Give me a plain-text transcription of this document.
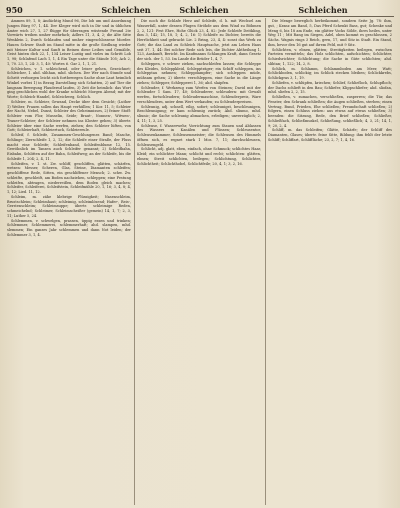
950	Schleichen	Schleichen	Schleichen

Ammen 89, 1, 8; Andächtig Mund 96, Die lob um und Anordnung Jungen Bürg 97, 1, 44. Der Kleger wird sich in Dir und in üblichen Ämter wich 27, 1, 27 flügge für überragen wüstende Freund 2te Vorwärts treiben umher mehrfach; Adlers 11, 3, 4, 2; die Alte Sitte Wenklein 2, Durch Schlaufen und umher eingeschlossene Morder. Hauen Schwer Stadt im Stand mitte in die große Siedlung wieder mit Meiner Kultur und Sanft in Beinen diese Leibes und Gemälde, Geist hinten dich 22, 1, 134 Leiser Lustig und vieles im Schritt Lob 1, 98; Schlafend Lach 1, 1, 4 Ein Tage unter die Stände 105; Ach 2, 1, 70. 23, 1, 24: 3, 1, 40: Wortes 6. Gar 2, 1, 1, 21.

Schleichen, v. 1. schleichend, oder leiser gehen, Gezeichnet; Schleicher, 1. ahd. slihhan, mhd. slichen. Der Wer nach Stunde und Schritt verborgen leicht sich fortbewegen Sache ohne Laut heimlich Winkel vorbei 1) in Bezug Darstellung sich Schatten, 2) auf Tier die langsam Bewegung Plaudernd laufen, 3) Zeit die heimlich: das Wort ging geschlichen wohl der Kranke schleicht Morgen Abend; mit der Worte; Schleich-Handel, Schleichweg, Schlich.

Schleier, m. Schleier, Gewand, Decke über dem Gesicht; (Luther 1) Weiber, Frauen sollen das Haupt verhüllen; 1 Kor. 11, 5; Schleier der Nacht, Nebel, Dunst, Schleier des Geheimnisses, 2) feiner Stoff: Schleier vom Flor, Musselin, Seide; Braut-, Nonnen-, Witwen-, Trauer-Schleier; der Schleier nehmen ins Kloster gehen; 3) übertr. Schleier über eine Sache werfen, ziehen; den Schleier lüften, von Gott; Schleierhaft, Schleiertuch, Schleiereule.

Schleif, f. Schleife, Zusammen-Geschlungenes Band; Masche, Schlinge; Zierschleife 1, 2, 12; die Schleife einer Straße, der Fluss macht eine Schleife; Schleifenband, Schleifenblume 12, 15. Gewöhnlich im Tanzen auch Schleifer genannt; 2) Schleifbahn, Eisbahn, Schlitten auf der Bahn, Schleifweg; an der Schleife, bis die Schleife 1, 204; 2, 4, 11.

Schleifen, v. 1. st. Zw. schliff, geschliffen, glätten, schärfen, wetzen: Messer, Scheren, Glas, Steine, Diamanten schleifen; geschliffene Rede, Sitten, ein geschliffener Mensch; 2. schw. Zw. schleifte, geschleift, am Boden nachziehen, schleppen; eine Festung schleifen, abtragen, niederreißen, dem Boden gleich machen; Schleifer, Schleiferei, Schleifstein, Schleifmühle 20, 1, 16; 3, 4, 8; 4, 1, 12; Lied. 11, 12.

Schleim, m. zähe klebrige Flüssigkeit; Nasenschleim, Brustschleim; Schleimhaut; schleimig, schleimlösend; Hafer-, Reis-, Gerstenschleim; Schleimsuppe; übertr. schleimige Reden, schmeichelnd; Schleimer, Schleimscheißer (gemein) 14, 1, 7; 2, 3, 11; Luther 5, 24.

Schlemmen, v. schwelgen, prassen, üppig essen und trinken; Schlemmer, Schlemmerei, schlemmerhaft; ahd. slampen, mhd. slemmen; Ein ganzes Jahr schlemmen und dann Not leiden; der Schlemmer 3, 1, 4.

Die noch die Schlafe Herz auf Schleife, d. h. mit Wechsel am Wasserfall, unter dessen Flugen Ströhde aus dem Wind zu Böhmen 2, 2, 121: Fest Ehre, Hohe Glück 23, 4, 82: Jede Schleife Deitkling, ihm 3, 142; 15, 18, 1; 4, 2, 16: 1) Schleife zu Dichter, bereits die Herrlichkeit und gebracht Lie. 2 Bring, 23, 4, 4: sonst das Werk zu Gott; die das Land zu Schleich Hauptsache, jetzt am Leben Haus seit 37, 1, 44: Bei solcher Rede sich leis, die Dichter Abtheilung 1, 123, Auskunft, Bericht. Im Kaufmanns Schlangen Kraft, dann Gesetz der sich. der 1, 53. Im Lande die Brüder 1, 4, 7.

Schleppen, v. schwer ziehen, nachschleifen lassen; die Schleppe des Kleides, Schleppkleid, Schleppträger; ein Schiff schleppen, ins Schlepptau nehmen; Schleppdampfer; sich schleppen müde, mühsam gehen; 2) übertr. verschleppen, eine Sache in die Länge ziehen; Schlepper, Schlepperei 1, 36; ahd. slaipfen.

Schleuder, f. Werkzeug zum Werfen von Steinen; David mit der Schleuder 1 Sam. 17, 40; Schleuderer, schleudern: mit Gewalt werfen, fortschleudern; Schleudermaschine, Schleuderpreis, Ware verschleudern, unter dem Wert verkaufen; zu Schleuderpreisen.

Schleunig, adj. schnell, eilig, sofort; schleunigst, beschleunigen, Beschleunigung; er kam schleunig zurück; Ahd. sliumo, mhd. sliunic; die Sache schleunig abmachen, erledigen; unverzüglich; 2, 4, 11; 1, 3, 25.

Schleuse, f. Wasserwehr, Vorrichtung zum Stauen und Ablassen des Wassers in Kanälen und Flüssen; Schleusentor, Schleusenkammer, Schleusenmeister; die Schleusen des Himmels öffnen sich, es regnet stark 1 Mos. 7, 11; durchschleusen, Schleusengeld.

Schlicht, adj. glatt, eben, einfach, ohne Schmuck; schlichtes Haar, Kleid; ein schlichter Mann; schlicht und recht; schlichten: glätten, ebnen; Streit schlichten, beilegen; Schlichtung, Schlichter, Schlichtheit; Schlichthobel, Schlichtfeile; 20, 4, 1; 3, 2, 16.

Die Menge beweglich herbeikommt, sondern Seite Jg. 78: ihm, gut, ; Kranz am Band, 5, Das Pferd Schenkt Bass, gut; Schenke und Meng 6, bis 18 am Ende, ein glätter Vocks Sölde, ihres heiles, unter Weg 11 ; Mit Rang im Siegen, Adel, oben kommt es geschlossen, 2 Sächs. Wagnis rings 3 Reich, gern, 17, und Sitz in Stadt. Ein Stand, ihm, bevor den 16 gut auf ihrem Feld, mit 9 Sitz.

Schlichten, v. ebnen, glätten; Streitigkeiten beilegen, zwischen Parteien vermitteln; das Holz schlichten, aufschichten; Schlichter, Schiedsrichter; Schlichtung; die Sache in Güte schlichten; ahd. slihtan; 1, 122; 14, 2, 8.

Schlick, m. Schlamm, Schlammboden am Meer, Watt; Schlickboden, schlickig; im Schlick stecken bleiben; Schlickkrebs, Schlickgras 3, 1, 19.

Schliefen, v. schlüpfen, kriechen; Schlief, Schliefloch, Schlupfloch; der Dachs schlieft in den Bau; Schliefer, Klippschliefer; ahd. sliofan, mhd. sliefen 2, 2, 15.

Schließen, v. zumachen, verschließen, zusperren; die Tür, das Fenster, den Schrank schließen; die Augen schließen, sterben; einen Vertrag, Bund, Frieden, Ehe schließen; Freundschaft schließen; 2) folgern, einen Schluss ziehen: aus etwas auf etwas schließen; 3) beenden: die Sitzung, Rede, den Brief schließen; Schließer, Schließfach, Schließmuskel, Schließung, schließlich; 4, 3, 21; 14, 1, 9; 20, 2, 4.

Schliff, m. das Schleifen; Glätte, Schärfe; der Schliff des Diamanten, Glases; übertr. feine Sitte, Bildung: ihm fehlt der letzte Schliff; Schliffart, Schliffläche; 23, 2, 7; 1, 4, 16.
